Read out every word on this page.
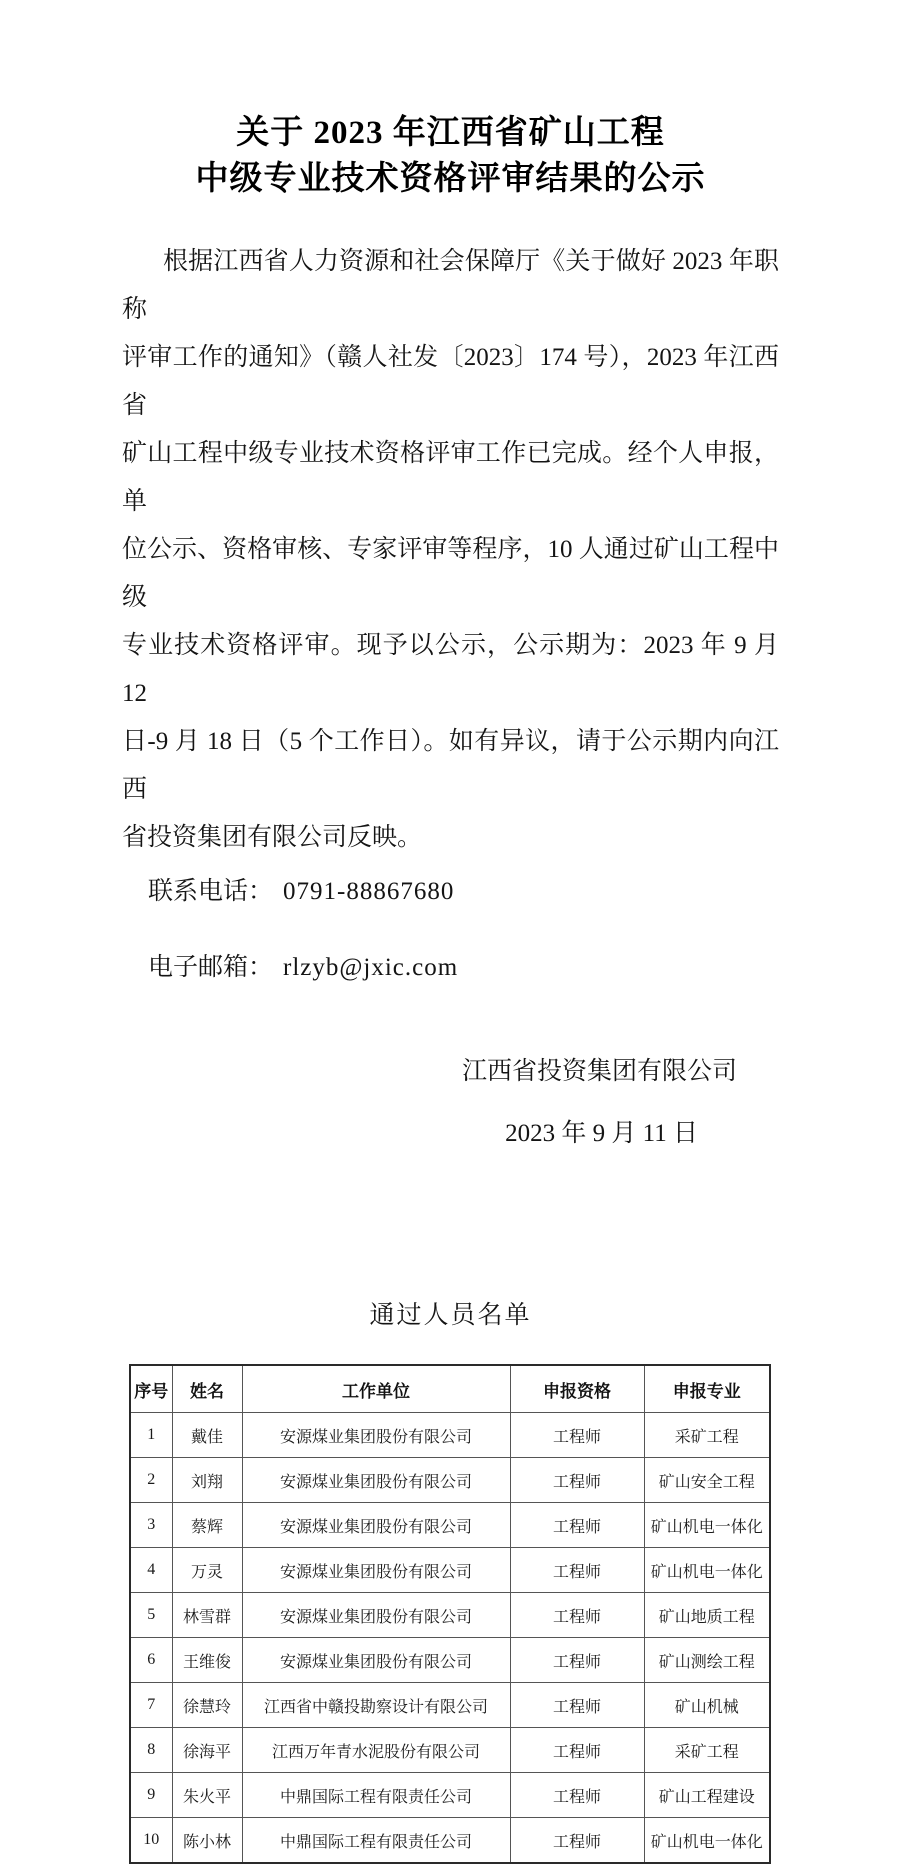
关于 2023 年江西省矿山工程
中级专业技术资格评审结果的公示
根据江西省人力资源和社会保障厅《关于做好 2023 年职称
评审工作的通知》（赣人社发〔2023〕174 号），2023 年江西省
矿山工程中级专业技术资格评审工作已完成。经个人申报，单
位公示、资格审核、专家评审等程序，10 人通过矿山工程中级
专业技术资格评审。现予以公示，公示期为：2023 年 9 月 12
日-9 月 18 日（5 个工作日）。如有异议，请于公示期内向江西
省投资集团有限公司反映。
联系电话： 0791-88867680
电子邮箱： rlzyb@jxic.com
江西省投资集团有限公司
2023 年 9 月 11 日
通过人员名单
序号	姓名	工作单位	申报资格	申报专业
1	戴佳	安源煤业集团股份有限公司	工程师	采矿工程
2	刘翔	安源煤业集团股份有限公司	工程师	矿山安全工程
3	蔡辉	安源煤业集团股份有限公司	工程师	矿山机电一体化
4	万灵	安源煤业集团股份有限公司	工程师	矿山机电一体化
5	林雪群	安源煤业集团股份有限公司	工程师	矿山地质工程
6	王维俊	安源煤业集团股份有限公司	工程师	矿山测绘工程
7	徐慧玲	江西省中赣投勘察设计有限公司	工程师	矿山机械
8	徐海平	江西万年青水泥股份有限公司	工程师	采矿工程
9	朱火平	中鼎国际工程有限责任公司	工程师	矿山工程建设
10	陈小林	中鼎国际工程有限责任公司	工程师	矿山机电一体化
